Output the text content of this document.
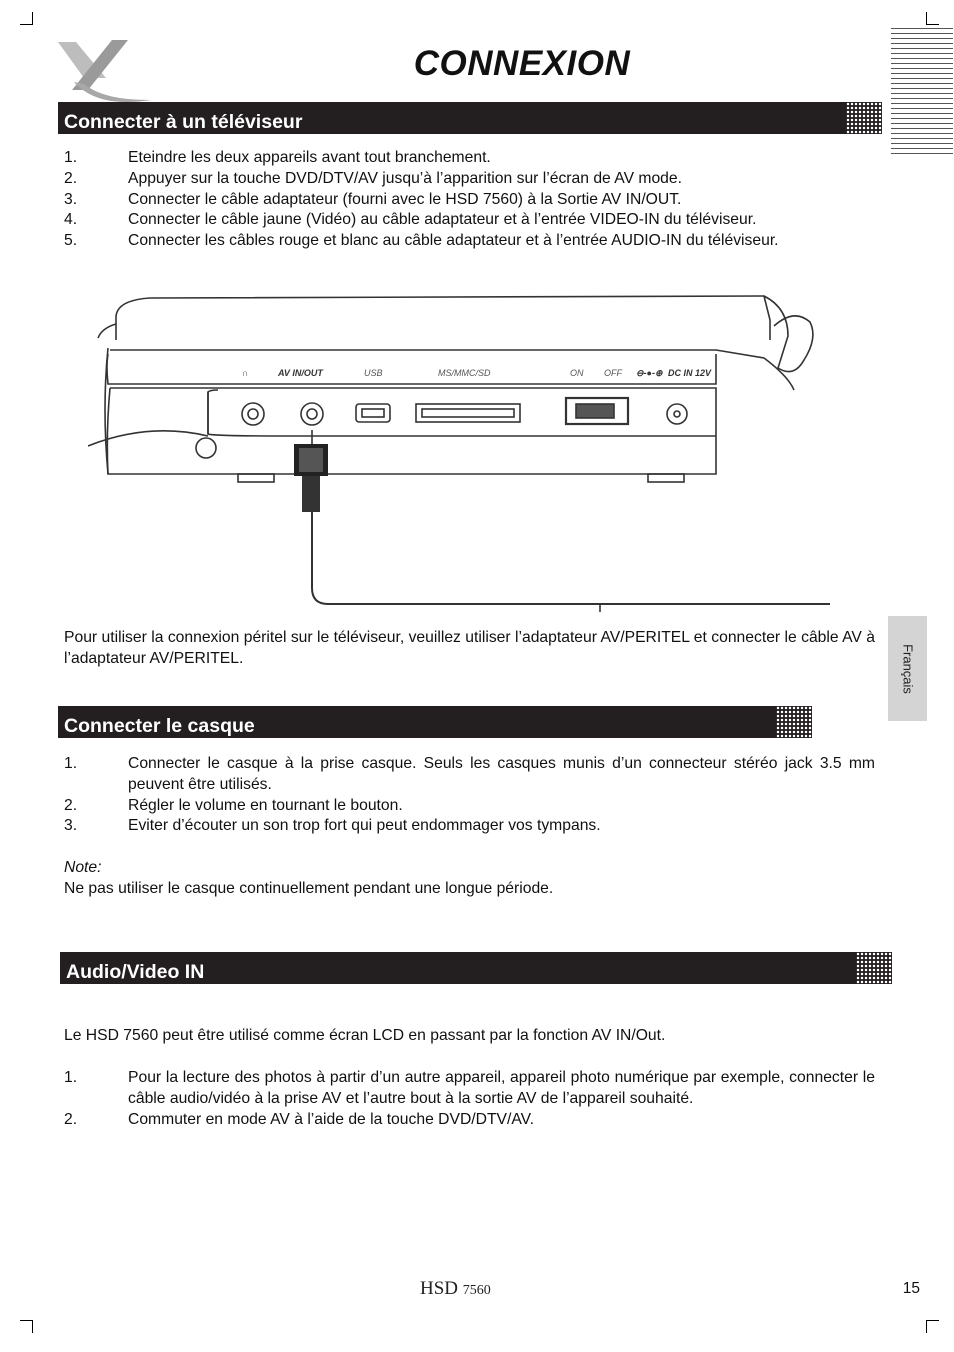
CONNEXION
Connecter à un téléviseur
1.	Eteindre les deux appareils avant tout branchement.
2.	Appuyer sur la touche DVD/DTV/AV jusqu’à l’apparition sur l’écran de AV mode.
3.	Connecter le câble adaptateur (fourni avec le HSD 7560) à la Sortie AV IN/OUT.
4.	Connecter le câble jaune (Vidéo) au câble adaptateur et à l’entrée VIDEO-IN du téléviseur.
5.	Connecter les câbles rouge et blanc au câble adaptateur et à l’entrée AUDIO-IN du téléviseur.
∩	AV IN/OUT	USB	MS/MMC/SD	ON OFF ⊖-●-⊕ DC IN 12V

Pour utiliser la connexion péritel sur le téléviseur, veuillez utiliser l’adaptateur AV/PERITEL et connecter le câble AV à l’adaptateur AV/PERITEL.

Connecter le casque
1.	Connecter le casque à la prise casque. Seuls les casques munis d’un connecteur stéréo jack 3.5 mm peuvent être utilisés.
2.	Régler le volume en tournant le bouton.
3.	Eviter d’écouter un son trop fort qui peut endommager vos tympans.

Note:

Ne pas utiliser le casque continuellement pendant une longue période.

Audio/Video IN

Le HSD 7560 peut être utilisé comme écran LCD en passant par la fonction AV IN/Out.

1.	Pour la lecture des photos à partir d’un autre appareil, appareil photo numérique par exemple, connecter le câble audio/vidéo à la prise AV et l’autre bout à la sortie AV de l’appareil souhaité.
2.	Commuter en mode AV à l’aide de la touche DVD/DTV/AV.
Français
HSD 7560	15
